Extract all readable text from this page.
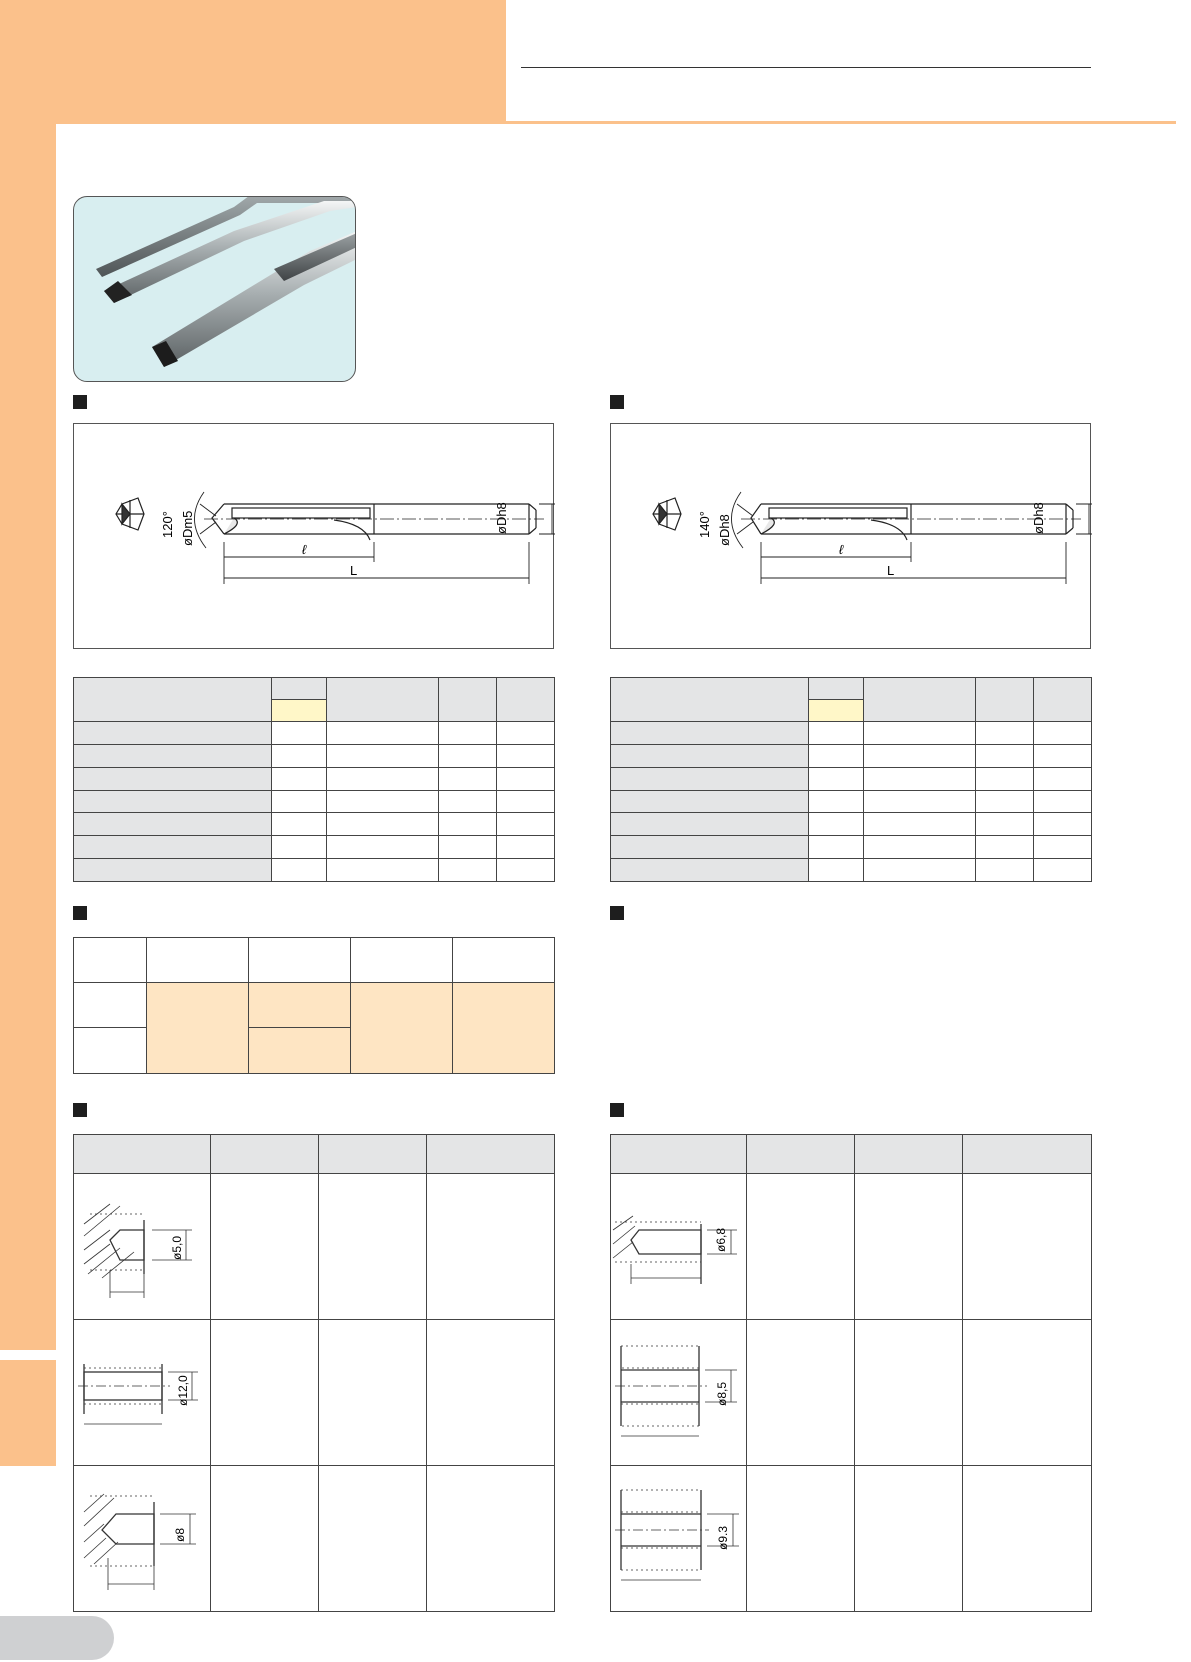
120° øDm5	øDh8
ℓ
L
140° øDh8	øDh8
ℓ
L

ø5,0			

ø12,0			

ø8			

ø6,8			

ø8,5			

ø9.3			
